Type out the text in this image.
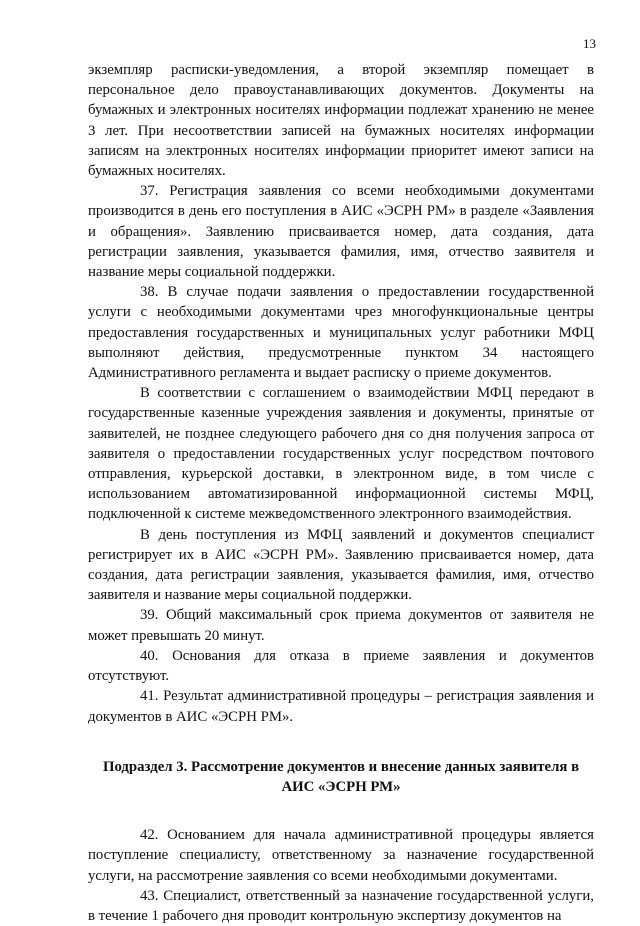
13

экземпляр расписки-уведомления, а второй экземпляр помещает в персональное дело правоустанавливающих документов. Документы на бумажных и электронных носителях информации подлежат хранению не менее 3 лет. При несоответствии записей на бумажных носителях информации записям на электронных носителях информации приоритет имеют записи на бумажных носителях.

37. Регистрация заявления со всеми необходимыми документами производится в день его поступления в АИС «ЭСРН РМ» в разделе «Заявления и обращения». Заявлению присваивается номер, дата создания, дата регистрации заявления, указывается фамилия, имя, отчество заявителя и название меры социальной поддержки.

38. В случае подачи заявления о предоставлении государственной услуги с необходимыми документами чрез многофункциональные центры предоставления государственных и муниципальных услуг работники МФЦ выполняют действия, предусмотренные пунктом 34 настоящего Административного регламента и выдает расписку о приеме документов.

В соответствии с соглашением о взаимодействии МФЦ передают в государственные казенные учреждения заявления и документы, принятые от заявителей, не позднее следующего рабочего дня со дня получения запроса от заявителя о предоставлении государственных услуг посредством почтового отправления, курьерской доставки, в электронном виде, в том числе с использованием автоматизированной информационной системы МФЦ, подключенной к системе межведомственного электронного взаимодействия.

В день поступления из МФЦ заявлений и документов специалист регистрирует их в АИС «ЭСРН РМ». Заявлению присваивается номер, дата создания, дата регистрации заявления, указывается фамилия, имя, отчество заявителя и название меры социальной поддержки.

39. Общий максимальный срок приема документов от заявителя не может превышать 20 минут.

40. Основания для отказа в приеме заявления и документов отсутствуют.

41. Результат административной процедуры – регистрация заявления и документов в АИС «ЭСРН РМ».

Подраздел 3. Рассмотрение документов и внесение данных заявителя в АИС «ЭСРН РМ»

42. Основанием для начала административной процедуры является поступление специалисту, ответственному за назначение государственной услуги, на рассмотрение заявления со всеми необходимыми документами.

43. Специалист, ответственный за назначение государственной услуги, в течение 1 рабочего дня проводит контрольную экспертизу документов на
